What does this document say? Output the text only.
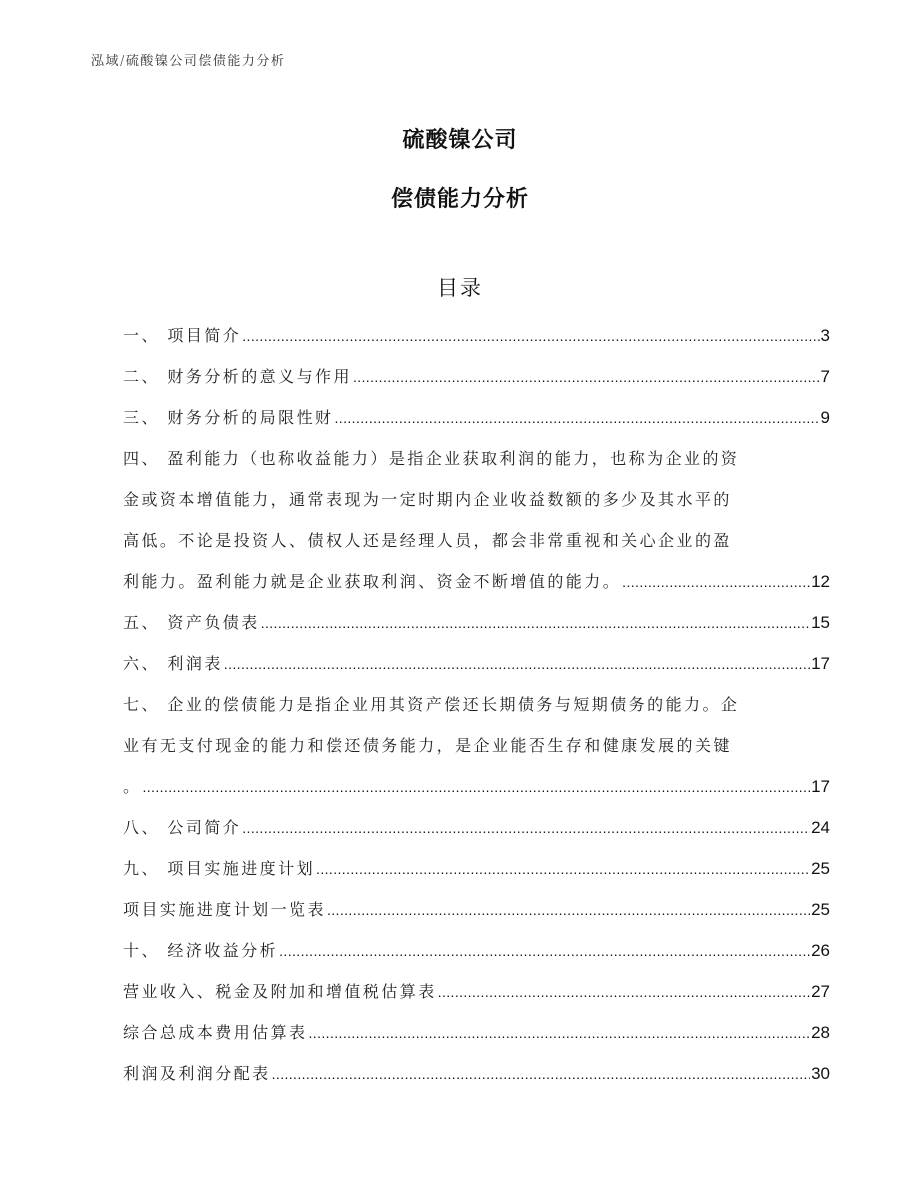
泓域/硫酸镍公司偿债能力分析
硫酸镍公司
偿债能力分析
目录
一、 项目简介 .....	3
二、 财务分析的意义与作用 .....	7
三、 财务分析的局限性财 .....	9
四、 盈利能力（也称收益能力）是指企业获取利润的能力，也称为企业的资
金或资本增值能力，通常表现为一定时期内企业收益数额的多少及其水平的
高低。不论是投资人、债权人还是经理人员，都会非常重视和关心企业的盈
利能力。盈利能力就是企业获取利润、资金不断增值的能力。 .....	12
五、 资产负债表 .....	15
六、 利润表 .....	17
七、 企业的偿债能力是指企业用其资产偿还长期债务与短期债务的能力。企
业有无支付现金的能力和偿还债务能力，是企业能否生存和健康发展的关键
。 .....	17
八、 公司简介 .....	24
九、 项目实施进度计划 .....	25
项目实施进度计划一览表 .....	25
十、 经济收益分析 .....	26
营业收入、税金及附加和增值税估算表 .....	27
综合总成本费用估算表 .....	28
利润及利润分配表 .....	30
